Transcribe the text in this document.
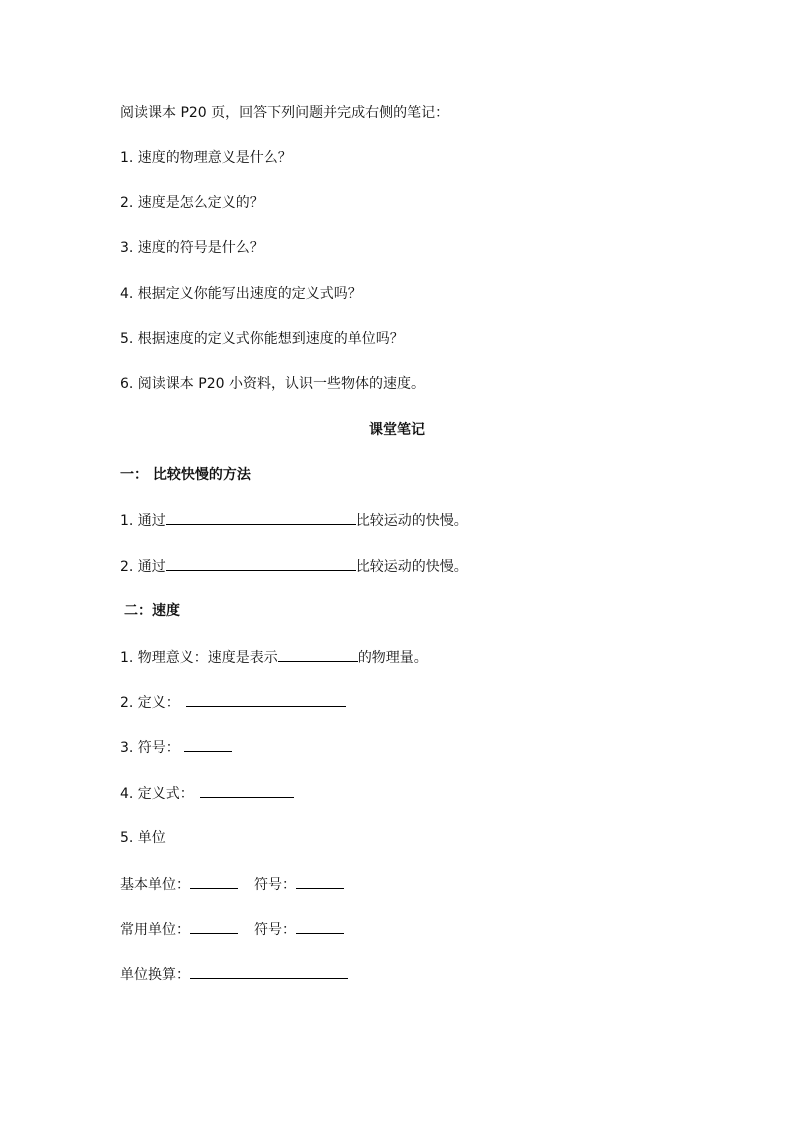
阅读课本 P20 页，回答下列问题并完成右侧的笔记：
1. 速度的物理意义是什么？
2. 速度是怎么定义的？
3. 速度的符号是什么？
4. 根据定义你能写出速度的定义式吗？
5. 根据速度的定义式你能想到速度的单位吗？
6. 阅读课本 P20 小资料，认识一些物体的速度。
课堂笔记
一： 比较快慢的方法
1. 通过	比较运动的快慢。
2. 通过	比较运动的快慢。
二：速度
1. 物理意义：速度是表示	的物理量。
2. 定义：
3. 符号：
4. 定义式：
5. 单位
基本单位：	符号：
常用单位：	符号：
单位换算：
